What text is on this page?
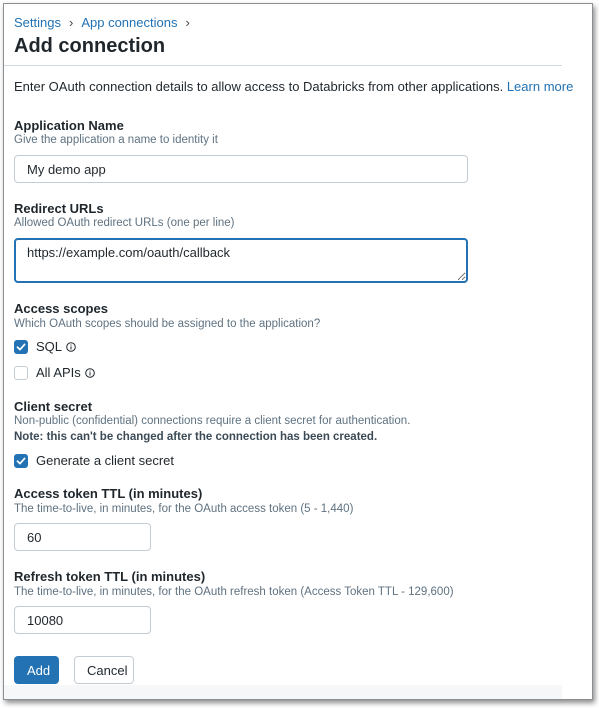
Settings › App connections ›
Add connection
Enter OAuth connection details to allow access to Databricks from other applications. Learn more
Application Name
Give the application a name to identity it
My demo app
Redirect URLs
Allowed OAuth redirect URLs (one per line)
https://example.com/oauth/callback
Access scopes
Which OAuth scopes should be assigned to the application?
SQL
All APIs
Client secret
Non-public (confidential) connections require a client secret for authentication.
Note: this can't be changed after the connection has been created.
Generate a client secret
Access token TTL (in minutes)
The time-to-live, in minutes, for the OAuth access token (5 - 1,440)
60
Refresh token TTL (in minutes)
The time-to-live, in minutes, for the OAuth refresh token (Access Token TTL - 129,600)
10080
Add	Cancel
